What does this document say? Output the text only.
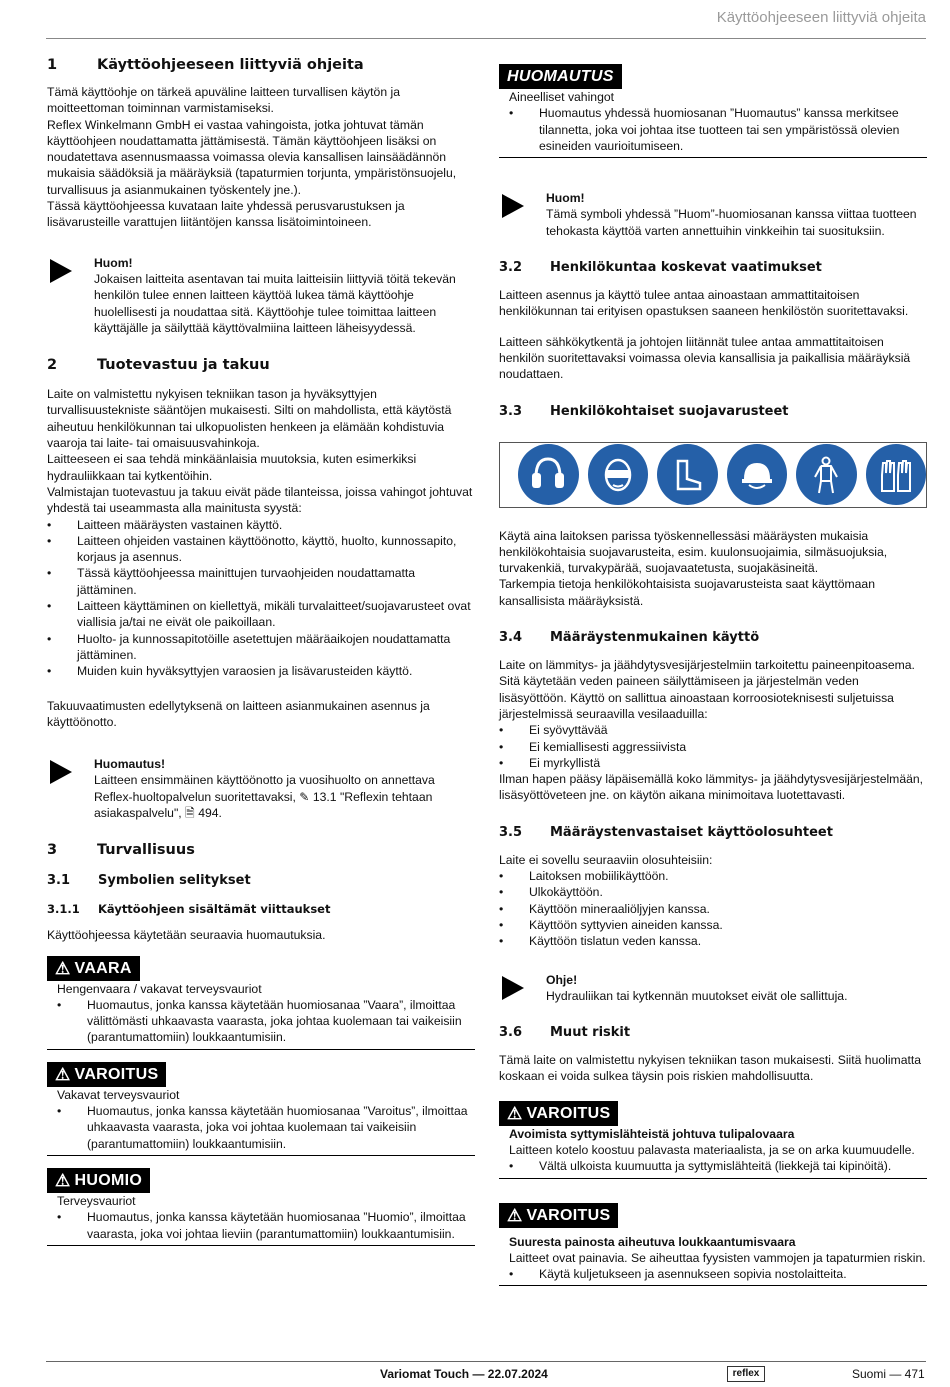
Käyttöohjeeseen liittyviä ohjeita
1	Käyttöohjeeseen liittyviä ohjeita

Tämä käyttöohje on tärkeä apuväline laitteen turvallisen käytön ja moitteettoman toiminnan varmistamiseksi.

Reflex Winkelmann GmbH ei vastaa vahingoista, jotka johtuvat tämän käyttöohjeen noudattamatta jättämisestä. Tämän käyttöohjeen lisäksi on noudatettava asennusmaassa voimassa olevia kansallisen lainsäädännön mukaisia säädöksiä ja määräyksiä (tapaturmien torjunta, ympäristönsuojelu, turvallisuus ja asianmukainen työskentely jne.).

Tässä käyttöohjeessa kuvataan laite yhdessä perusvarustuksen ja lisävarusteille varattujen liitäntöjen kanssa lisätoimintoineen.

Huom!
Jokaisen laitteita asentavan tai muita laitteisiin liittyviä töitä tekevän henkilön tulee ennen laitteen käyttöä lukea tämä käyttöohje huolellisesti ja noudattaa sitä. Käyttöohje tulee toimittaa laitteen käyttäjälle ja säilyttää käyttövalmiina laitteen läheisyydessä.
2	Tuotevastuu ja takuu

Laite on valmistettu nykyisen tekniikan tason ja hyväksyttyjen turvallisuustekniste sääntöjen mukaisesti. Silti on mahdollista, että käytöstä aiheutuu henkilökunnan tai ulkopuolisten henkeen ja elämään kohdistuvia vaaroja tai laite- tai omaisuusvahinkoja.

Laitteeseen ei saa tehdä minkäänlaisia muutoksia, kuten esimerkiksi hydrauliikkaan tai kytkentöihin.

Valmistajan tuotevastuu ja takuu eivät päde tilanteissa, joissa vahingot johtuvat yhdestä tai useammasta alla mainitusta syystä:

• Laitteen määräysten vastainen käyttö.
• Laitteen ohjeiden vastainen käyttöönotto, käyttö, huolto, kunnossapito, korjaus ja asennus.
• Tässä käyttöohjeessa mainittujen turvaohjeiden noudattamatta jättäminen.
• Laitteen käyttäminen on kiellettyä, mikäli turvalaitteet/suojavarusteet ovat viallisia ja/tai ne eivät ole paikoillaan.
• Huolto- ja kunnossapitotöille asetettujen määräaikojen noudattamatta jättäminen.
• Muiden kuin hyväksyttyjen varaosien ja lisävarusteiden käyttö.

Takuuvaatimusten edellytyksenä on laitteen asianmukainen asennus ja käyttöönotto.

Huomautus!
Laitteen ensimmäinen käyttöönotto ja vuosihuolto on annettava Reflex-huoltopalvelun suoritettavaksi, ✎ 13.1 "Reflexin tehtaan asiakaspalvelu", 🗎 494.
3	Turvallisuus
3.1 Symbolien selitykset
3.1.1 Käyttöohjeen sisältämät viittaukset

Käyttöohjeessa käytetään seuraavia huomautuksia.

⚠ VAARA
Hengenvaara / vakavat terveysvauriot
• Huomautus, jonka kanssa käytetään huomiosanaa ”Vaara”, ilmoittaa välittömästi uhkaavasta vaarasta, joka johtaa kuolemaan tai vaikeisiin (parantumattomiin) loukkaantumisiin.
⚠ VAROITUS
Vakavat terveysvauriot
• Huomautus, jonka kanssa käytetään huomiosanaa ”Varoitus”, ilmoittaa uhkaavasta vaarasta, joka voi johtaa kuolemaan tai vaikeisiin (parantumattomiin) loukkaantumisiin.
⚠ HUOMIO
Terveysvauriot
• Huomautus, jonka kanssa käytetään huomiosanaa ”Huomio”, ilmoittaa vaarasta, joka voi johtaa lieviin (parantumattomiin) loukkaantumisiin.
HUOMAUTUS
Aineelliset vahingot
• Huomautus yhdessä huomiosanan ”Huomautus” kanssa merkitsee tilannetta, joka voi johtaa itse tuotteen tai sen ympäristössä olevien esineiden vaurioitumiseen.
Huom!
Tämä symboli yhdessä ”Huom”-huomiosanan kanssa viittaa tuotteen tehokasta käyttöä varten annettuihin vinkkeihin tai suosituksiin.
3.2 Henkilökuntaa koskevat vaatimukset

Laitteen asennus ja käyttö tulee antaa ainoastaan ammattitaitoisen henkilökunnan tai erityisen opastuksen saaneen henkilöstön suoritettavaksi.

Laitteen sähkökytkentä ja johtojen liitännät tulee antaa ammattitaitoisen henkilön suoritettavaksi voimassa olevia kansallisia ja paikallisia määräyksiä noudattaen.

3.3 Henkilökohtaiset suojavarusteet

Käytä aina laitoksen parissa työskennellessäsi määräysten mukaisia henkilökohtaisia suojavarusteita, esim. kuulonsuojaimia, silmäsuojuksia, turvakenkiä, turvakypärää, suojavaatetusta, suojakäsineitä.

Tarkempia tietoja henkilökohtaisista suojavarusteista saat käyttömaan kansallisista määräyksistä.

3.4 Määräystenmukainen käyttö

Laite on lämmitys- ja jäähdytysvesijärjestelmiin tarkoitettu paineenpitoasema. Sitä käytetään veden paineen säilyttämiseen ja järjestelmän veden lisäsyöttöön. Käyttö on sallittua ainoastaan korroosioteknisesti suljetuissa järjestelmissä seuraavilla vesilaaduilla:

• Ei syövyttävää
• Ei kemiallisesti aggressiivista
• Ei myrkyllistä

Ilman hapen pääsy läpäisemällä koko lämmitys- ja jäähdytysvesijärjestelmään, lisäsyöttöveteen jne. on käytön aikana minimoitava luotettavasti.

3.5 Määräystenvastaiset käyttöolosuhteet

Laite ei sovellu seuraaviin olosuhteisiin:

• Laitoksen mobiilikäyttöön.
• Ulkokäyttöön.
• Käyttöön mineraaliöljyjen kanssa.
• Käyttöön syttyvien aineiden kanssa.
• Käyttöön tislatun veden kanssa.
Ohje!
Hydrauliikan tai kytkennän muutokset eivät ole sallittuja.
3.6 Muut riskit

Tämä laite on valmistettu nykyisen tekniikan tason mukaisesti. Siitä huolimatta koskaan ei voida sulkea täysin pois riskien mahdollisuutta.

⚠ VAROITUS
Avoimista syttymislähteistä johtuva tulipalovaara
Laitteen kotelo koostuu palavasta materiaalista, ja se on arka kuumuudelle.
• Vältä ulkoista kuumuutta ja syttymislähteitä (liekkejä tai kipinöitä).
⚠ VAROITUS
Suuresta painosta aiheutuva loukkaantumisvaara
Laitteet ovat painavia. Se aiheuttaa fyysisten vammojen ja tapaturmien riskin.
• Käytä kuljetukseen ja asennukseen sopivia nostolaitteita.
Variomat Touch — 22.07.2024	reflex	Suomi — 471
